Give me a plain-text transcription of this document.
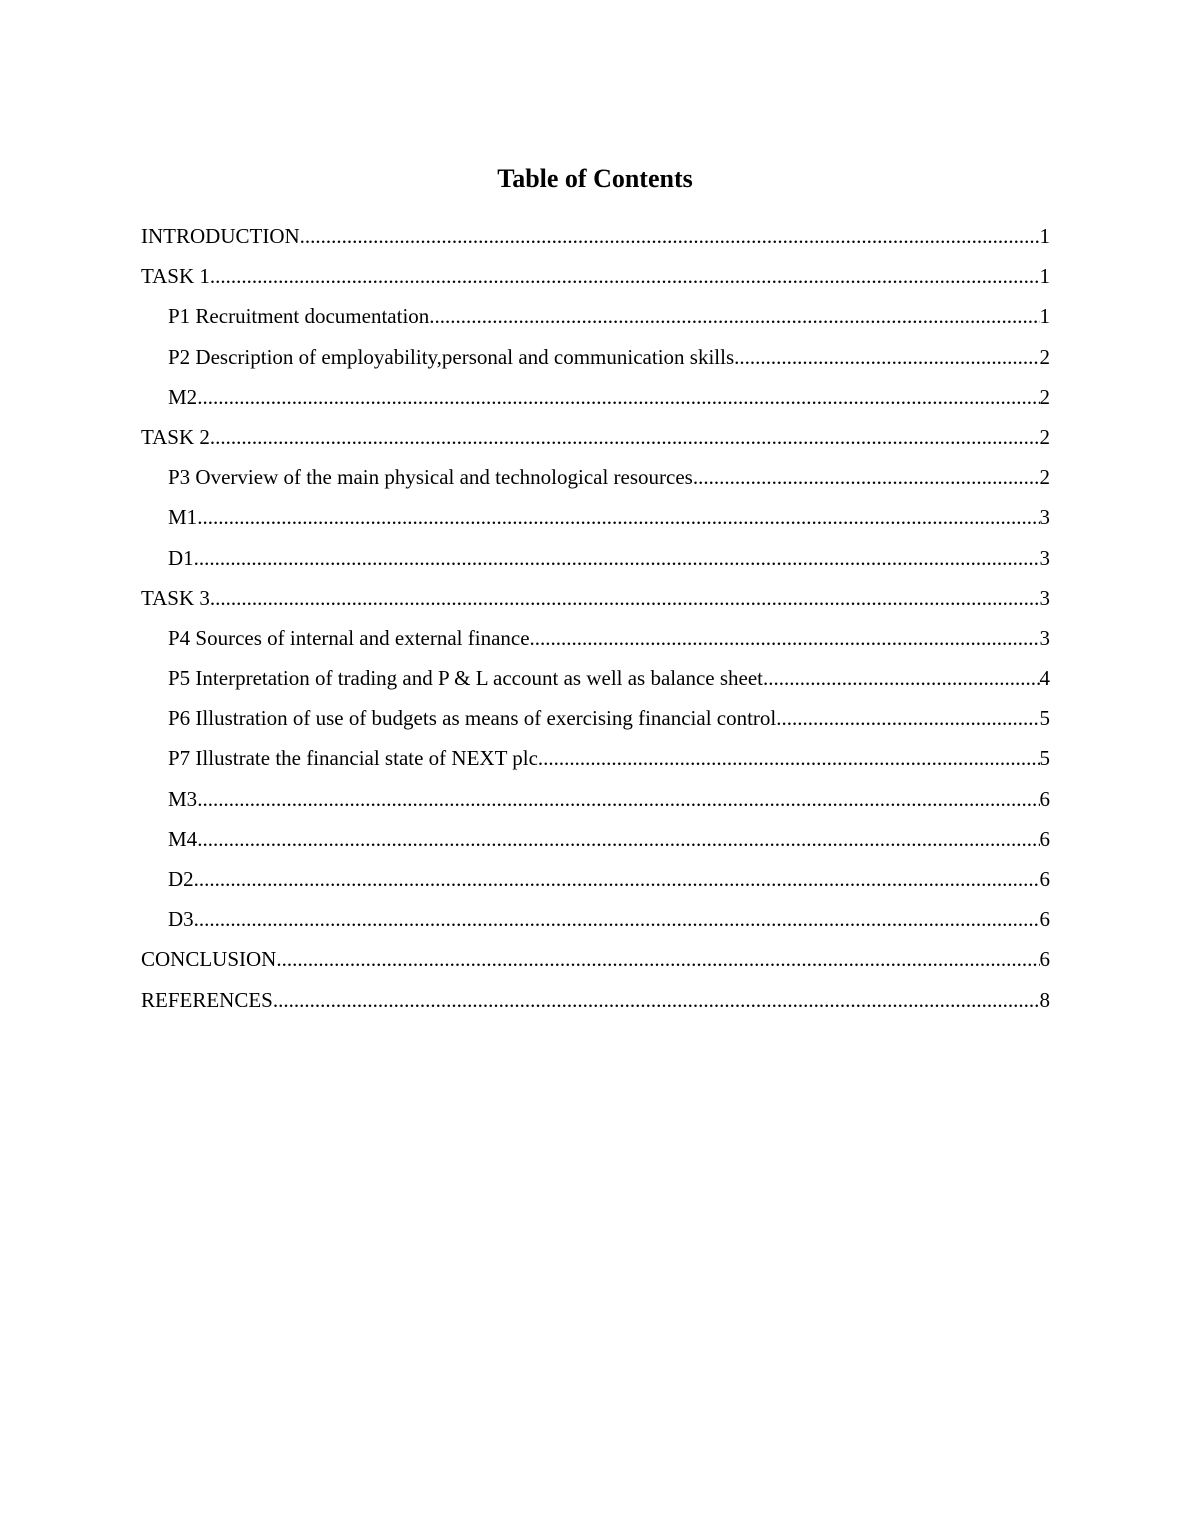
Table of Contents
INTRODUCTION .....	1
TASK 1 .....	1
P1 Recruitment documentation .....	1
P2 Description of employability,personal and communication skills .....	2
M2 .....	2
TASK 2 .....	2
P3 Overview of the main physical and technological resources .....	2
M1 .....	3
D1 .....	3
TASK 3 .....	3
P4 Sources of internal and external finance .....	3
P5 Interpretation of trading and P & L account as well as balance sheet .....	4
P6 Illustration of use of budgets as means of exercising financial control .....	5
P7 Illustrate the financial state of NEXT plc .....	5
M3 .....	6
M4 .....	6
D2 .....	6
D3 .....	6
CONCLUSION .....	6
REFERENCES .....	8
